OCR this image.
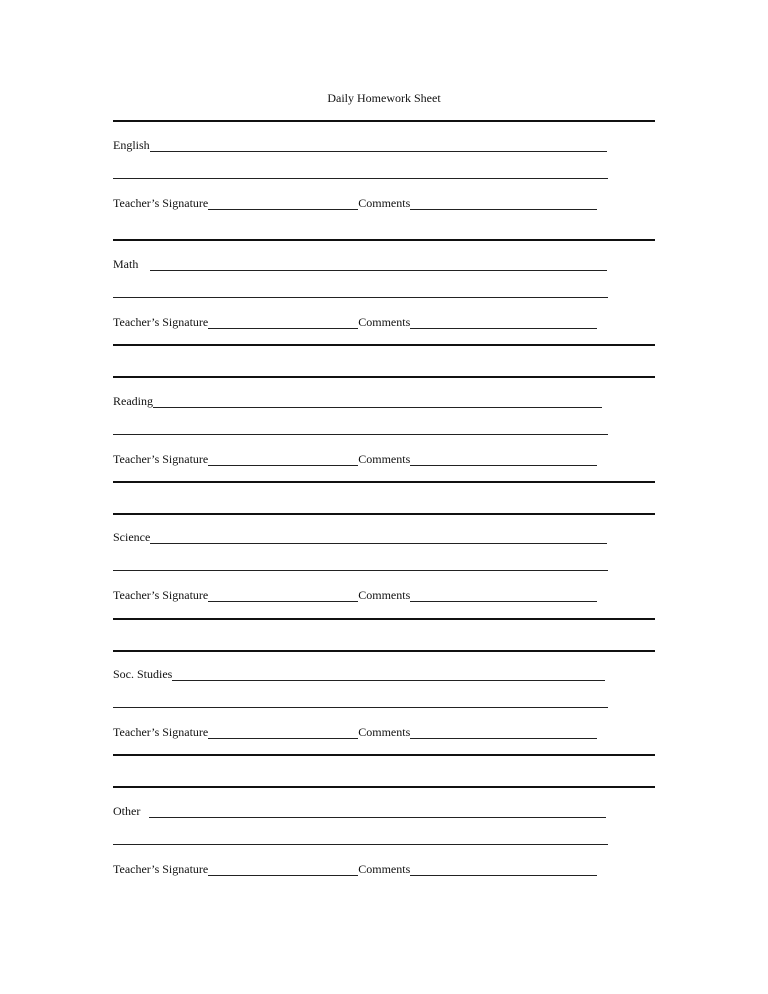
Daily Homework Sheet
English
Teacher’s Signature	Comments
Math
Teacher’s Signature	Comments
Reading
Teacher’s Signature	Comments
Science
Teacher’s Signature	Comments
Soc. Studies
Teacher’s Signature	Comments
Other
Teacher’s Signature	Comments
